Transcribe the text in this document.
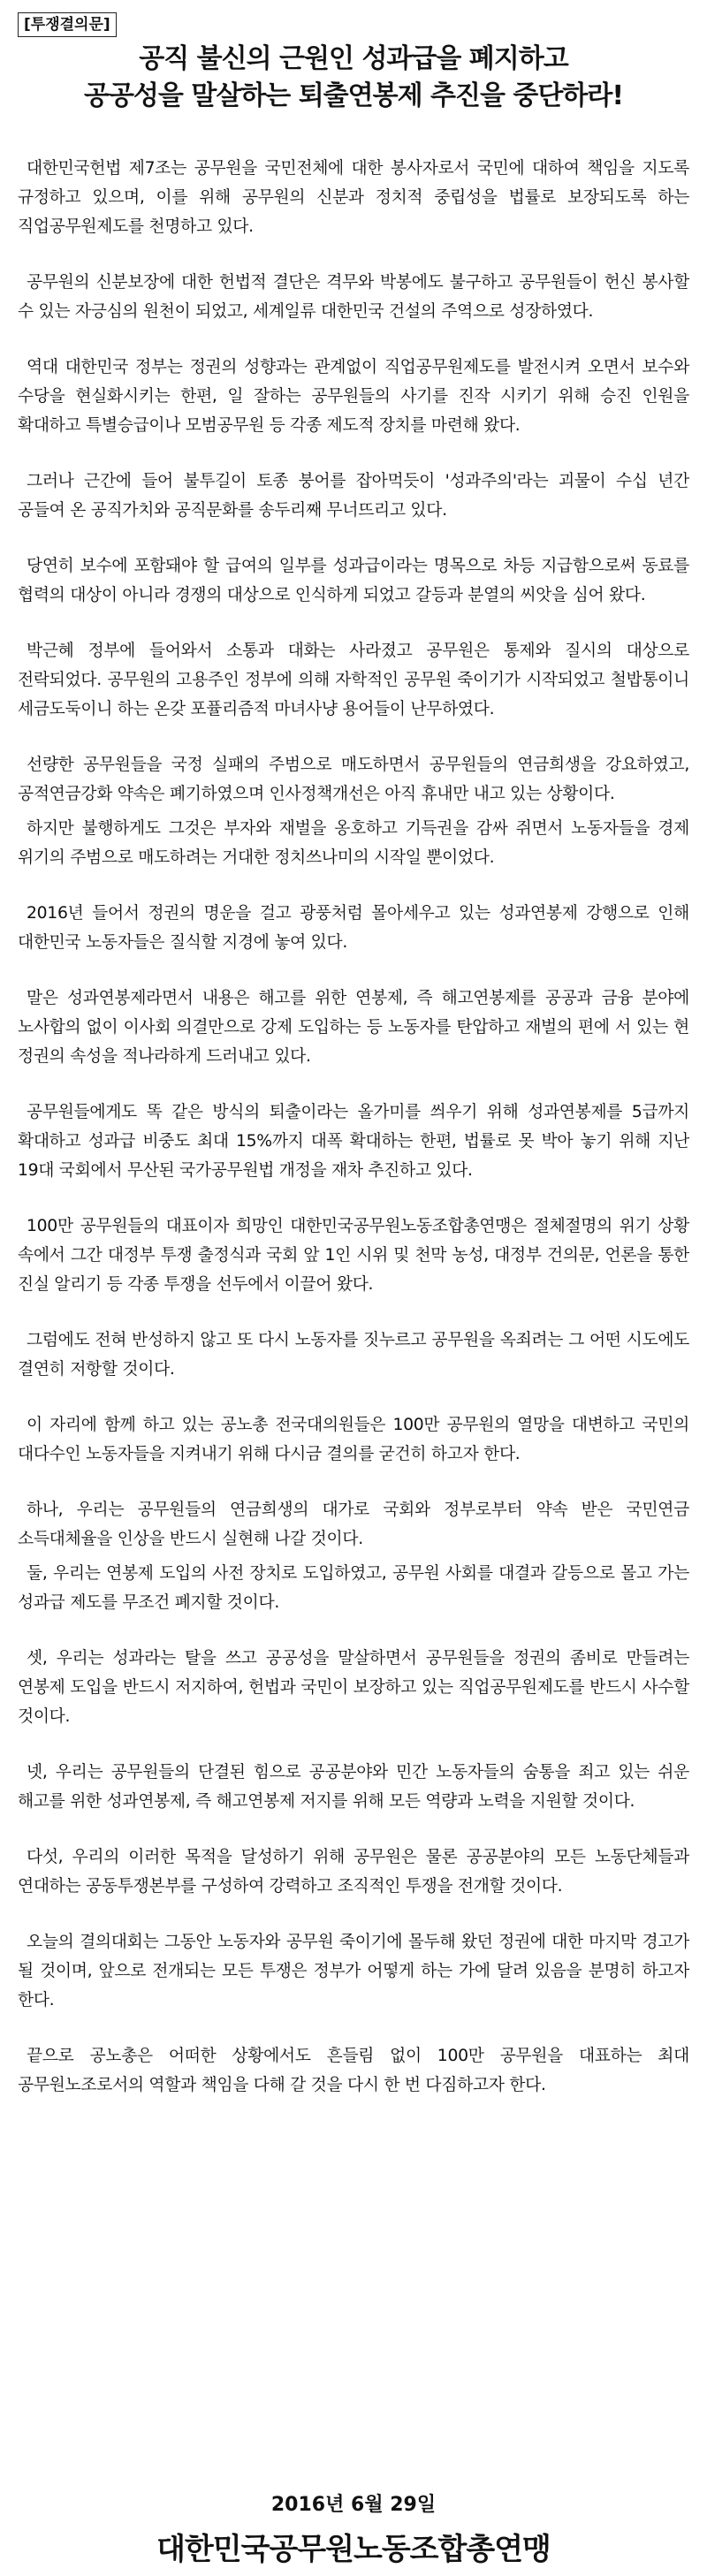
[투쟁결의문]
공직 불신의 근원인 성과급을 폐지하고
공공성을 말살하는 퇴출연봉제 추진을 중단하라!

대한민국헌법 제7조는 공무원을 국민전체에 대한 봉사자로서 국민에 대하여 책임을 지도록 규정하고 있으며, 이를 위해 공무원의 신분과 정치적 중립성을 법률로 보장되도록 하는 직업공무원제도를 천명하고 있다.

공무원의 신분보장에 대한 헌법적 결단은 격무와 박봉에도 불구하고 공무원들이 헌신 봉사할 수 있는 자긍심의 원천이 되었고, 세계일류 대한민국 건설의 주역으로 성장하였다.

역대 대한민국 정부는 정권의 성향과는 관계없이 직업공무원제도를 발전시켜 오면서 보수와 수당을 현실화시키는 한편, 일 잘하는 공무원들의 사기를 진작 시키기 위해 승진 인원을 확대하고 특별승급이나 모범공무원 등 각종 제도적 장치를 마련해 왔다.

그러나 근간에 들어 불투길이 토종 붕어를 잡아먹듯이 '성과주의'라는 괴물이 수십 년간 공들여 온 공직가치와 공직문화를 송두리째 무너뜨리고 있다.

당연히 보수에 포함돼야 할 급여의 일부를 성과급이라는 명목으로 차등 지급함으로써 동료를 협력의 대상이 아니라 경쟁의 대상으로 인식하게 되었고 갈등과 분열의 씨앗을 심어 왔다.

박근혜 정부에 들어와서 소통과 대화는 사라졌고 공무원은 통제와 질시의 대상으로 전락되었다. 공무원의 고용주인 정부에 의해 자학적인 공무원 죽이기가 시작되었고 철밥통이니 세금도둑이니 하는 온갖 포퓰리즘적 마녀사냥 용어들이 난무하였다.

선량한 공무원들을 국정 실패의 주범으로 매도하면서 공무원들의 연금희생을 강요하였고, 공적연금강화 약속은 폐기하였으며 인사정책개선은 아직 휴내만 내고 있는 상황이다.

하지만 불행하게도 그것은 부자와 재벌을 옹호하고 기득권을 감싸 쥐면서 노동자들을 경제 위기의 주범으로 매도하려는 거대한 정치쓰나미의 시작일 뿐이었다.

2016년 들어서 정권의 명운을 걸고 광풍처럼 몰아세우고 있는 성과연봉제 강행으로 인해 대한민국 노동자들은 질식할 지경에 놓여 있다.

말은 성과연봉제라면서 내용은 해고를 위한 연봉제, 즉 해고연봉제를 공공과 금융 분야에 노사합의 없이 이사회 의결만으로 강제 도입하는 등 노동자를 탄압하고 재벌의 편에 서 있는 현 정권의 속성을 적나라하게 드러내고 있다.

공무원들에게도 똑 같은 방식의 퇴출이라는 올가미를 씌우기 위해 성과연봉제를 5급까지 확대하고 성과급 비중도 최대 15%까지 대폭 확대하는 한편, 법률로 못 박아 놓기 위해 지난 19대 국회에서 무산된 국가공무원법 개정을 재차 추진하고 있다.

100만 공무원들의 대표이자 희망인 대한민국공무원노동조합총연맹은 절체절명의 위기 상황 속에서 그간 대정부 투쟁 출정식과 국회 앞 1인 시위 및 천막 농성, 대정부 건의문, 언론을 통한 진실 알리기 등 각종 투쟁을 선두에서 이끌어 왔다.

그럼에도 전혀 반성하지 않고 또 다시 노동자를 짓누르고 공무원을 옥죄려는 그 어떤 시도에도 결연히 저항할 것이다.

이 자리에 함께 하고 있는 공노총 전국대의원들은 100만 공무원의 열망을 대변하고 국민의 대다수인 노동자들을 지켜내기 위해 다시금 결의를 굳건히 하고자 한다.

하나, 우리는 공무원들의 연금희생의 대가로 국회와 정부로부터 약속 받은 국민연금 소득대체율을 인상을 반드시 실현해 나갈 것이다.

둘, 우리는 연봉제 도입의 사전 장치로 도입하였고, 공무원 사회를 대결과 갈등으로 몰고 가는 성과급 제도를 무조건 폐지할 것이다.

셋, 우리는 성과라는 탈을 쓰고 공공성을 말살하면서 공무원들을 정권의 좀비로 만들려는 연봉제 도입을 반드시 저지하여, 헌법과 국민이 보장하고 있는 직업공무원제도를 반드시 사수할 것이다.

넷, 우리는 공무원들의 단결된 힘으로 공공분야와 민간 노동자들의 숨통을 죄고 있는 쉬운 해고를 위한 성과연봉제, 즉 해고연봉제 저지를 위해 모든 역량과 노력을 지원할 것이다.

다섯, 우리의 이러한 목적을 달성하기 위해 공무원은 물론 공공분야의 모든 노동단체들과 연대하는 공동투쟁본부를 구성하여 강력하고 조직적인 투쟁을 전개할 것이다.

오늘의 결의대회는 그동안 노동자와 공무원 죽이기에 몰두해 왔던 정권에 대한 마지막 경고가 될 것이며, 앞으로 전개되는 모든 투쟁은 정부가 어떻게 하는 가에 달려 있음을 분명히 하고자 한다.

끝으로 공노총은 어떠한 상황에서도 흔들림 없이 100만 공무원을 대표하는 최대 공무원노조로서의 역할과 책임을 다해 갈 것을 다시 한 번 다짐하고자 한다.

2016년 6월 29일
대한민국공무원노동조합총연맹
